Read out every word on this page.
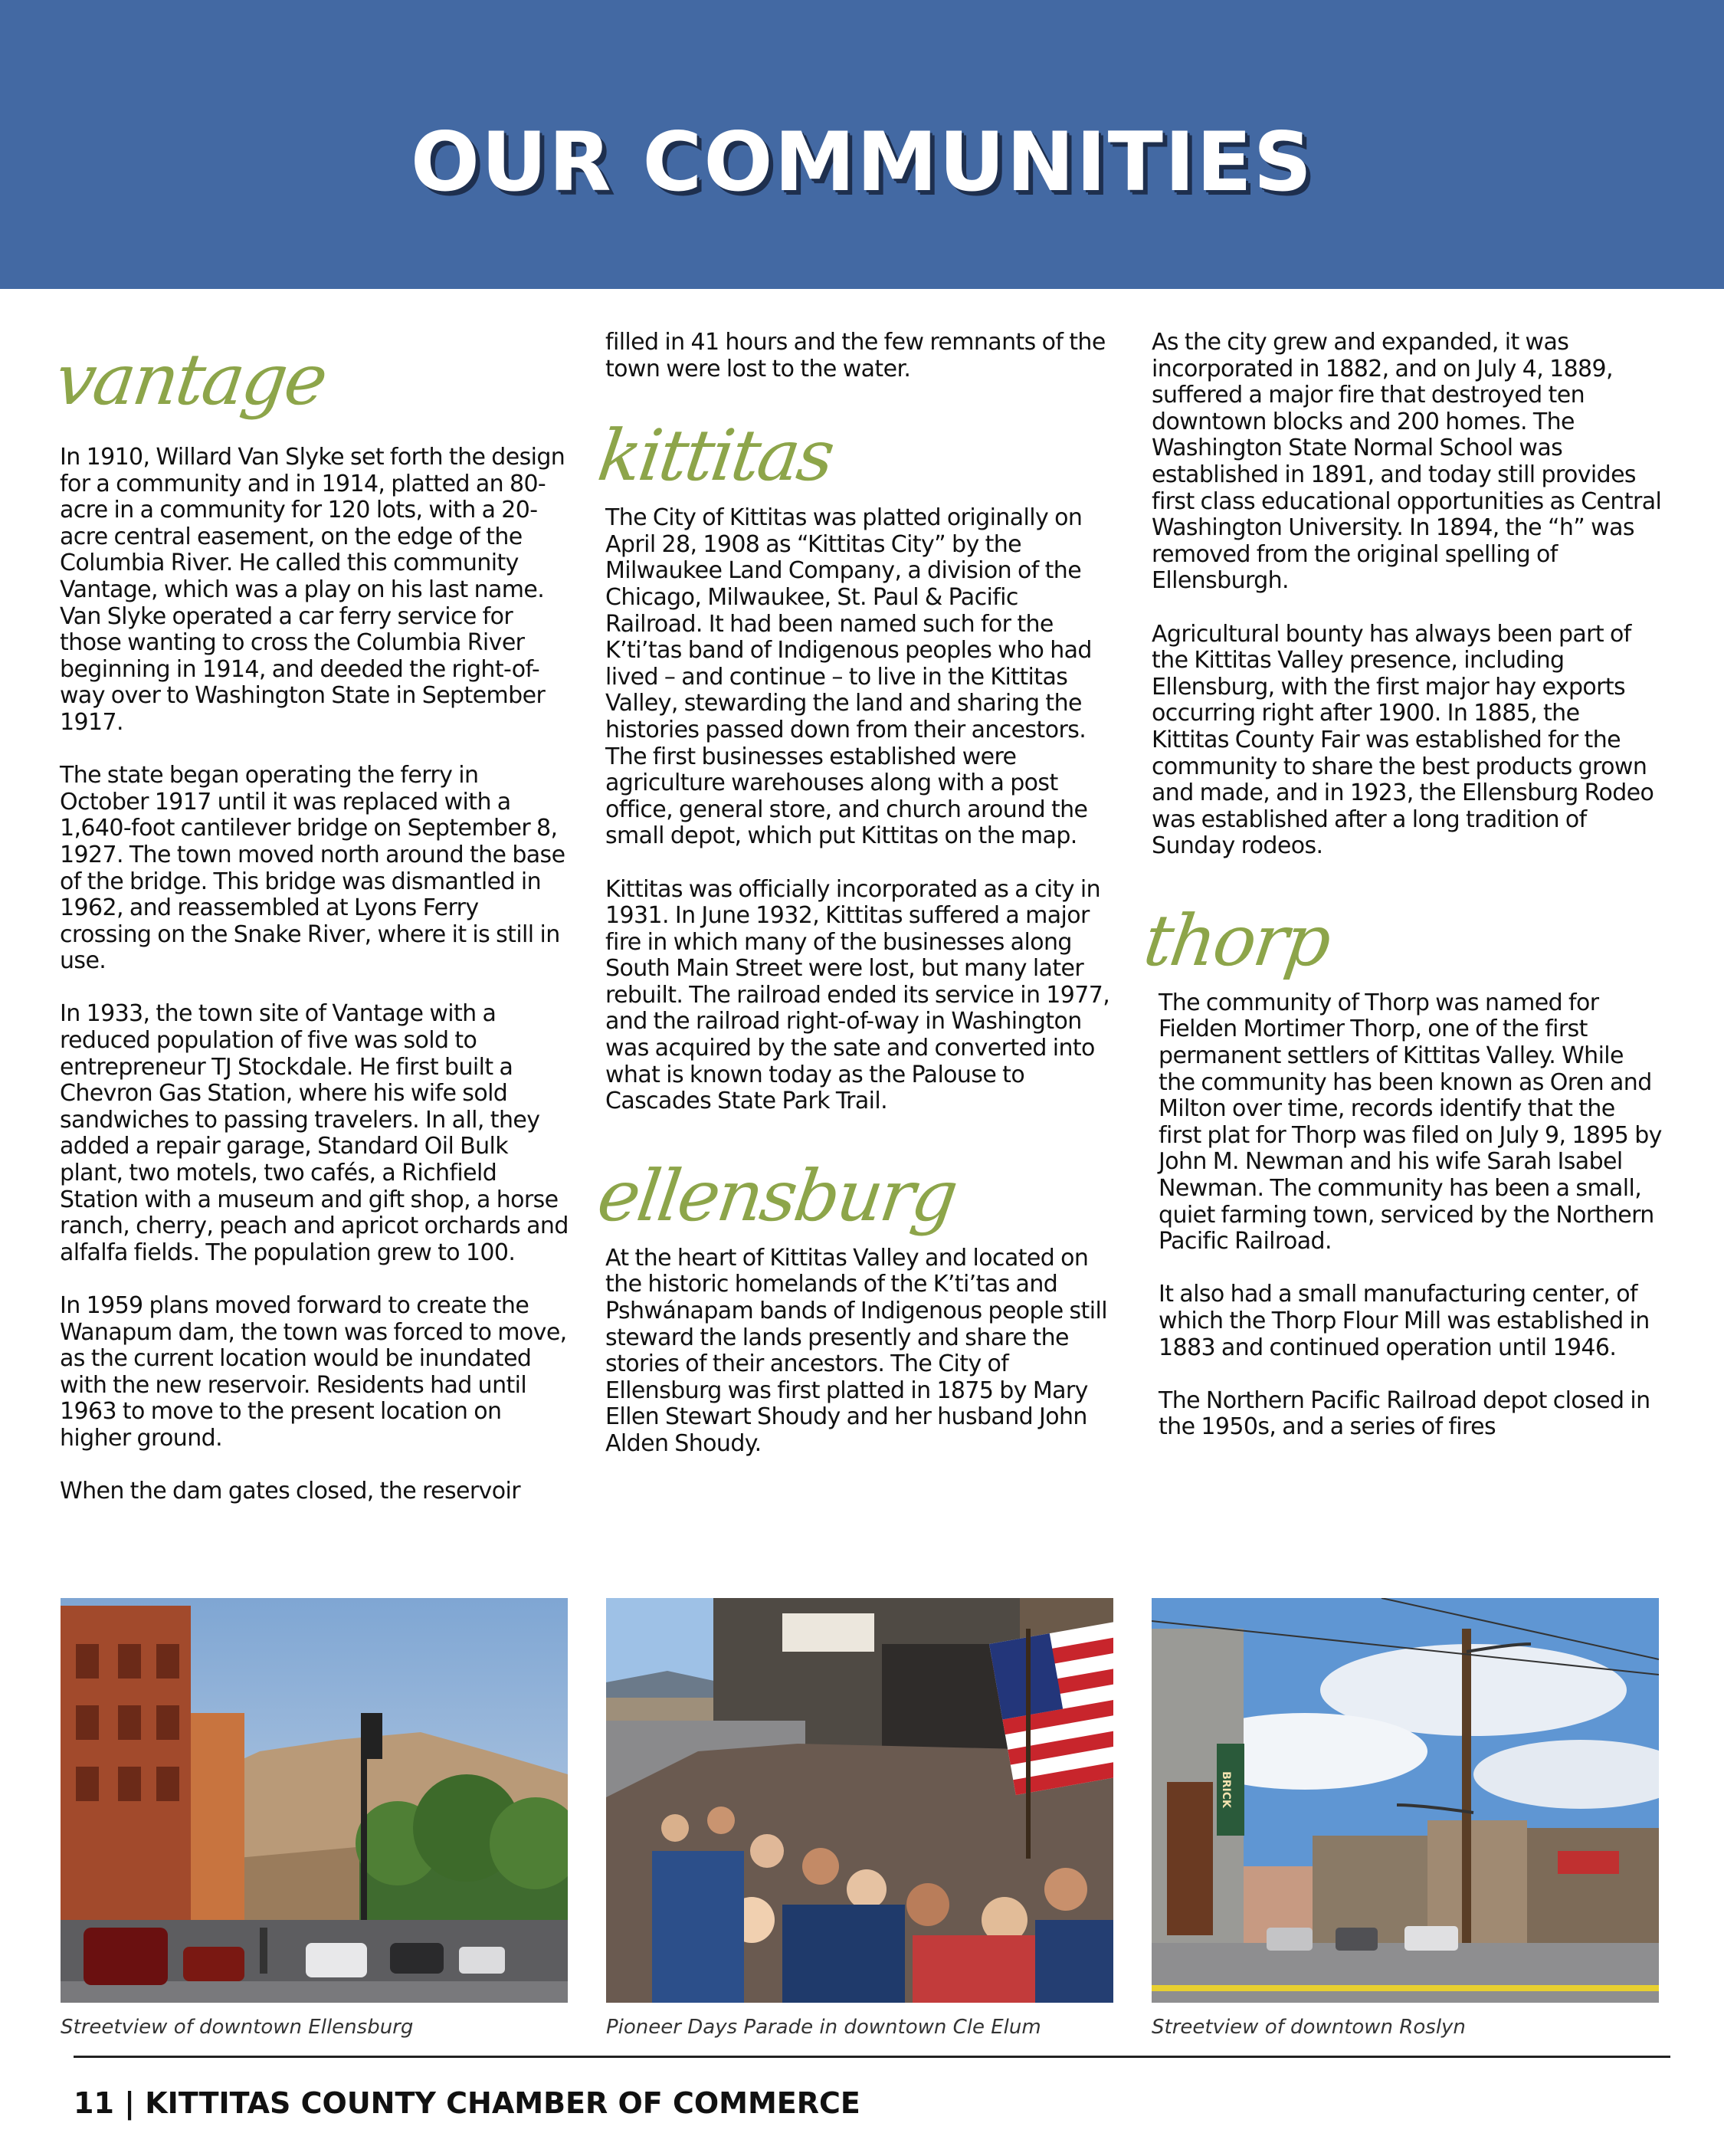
OUR COMMUNITIES
vantage

In 1910, Willard Van Slyke set forth the design for a community and in 1914, platted an 80-acre in a community for 120 lots, with a 20-acre central easement, on the edge of the Columbia River. He called this community Vantage, which was a play on his last name. Van Slyke operated a car ferry service for those wanting to cross the Columbia River beginning in 1914, and deeded the right-of-way over to Washington State in September 1917.

The state began operating the ferry in October 1917 until it was replaced with a 1,640-foot cantilever bridge on September 8, 1927. The town moved north around the base of the bridge. This bridge was dismantled in 1962, and reassembled at Lyons Ferry crossing on the Snake River, where it is still in use.

In 1933, the town site of Vantage with a reduced population of five was sold to entrepreneur TJ Stockdale. He first built a Chevron Gas Station, where his wife sold sandwiches to passing travelers. In all, they added a repair garage, Standard Oil Bulk plant, two motels, two cafés, a Richfield Station with a museum and gift shop, a horse ranch, cherry, peach and apricot orchards and alfalfa fields. The population grew to 100.

In 1959 plans moved forward to create the Wanapum dam, the town was forced to move, as the current location would be inundated with the new reservoir. Residents had until 1963 to move to the present location on higher ground.

When the dam gates closed, the reservoir

filled in 41 hours and the few remnants of the town were lost to the water.

kittitas

The City of Kittitas was platted originally on April 28, 1908 as “Kittitas City” by the Milwaukee Land Company, a division of the Chicago, Milwaukee, St. Paul & Pacific Railroad. It had been named such for the K’ti’tas band of Indigenous peoples who had lived – and continue – to live in the Kittitas Valley, stewarding the land and sharing the histories passed down from their ancestors. The first businesses established were agriculture warehouses along with a post office, general store, and church around the small depot, which put Kittitas on the map.

Kittitas was officially incorporated as a city in 1931. In June 1932, Kittitas suffered a major fire in which many of the businesses along South Main Street were lost, but many later rebuilt. The railroad ended its service in 1977, and the railroad right-of-way in Washington was acquired by the sate and converted into what is known today as the Palouse to Cascades State Park Trail.

ellensburg

At the heart of Kittitas Valley and located on the historic homelands of the K’ti’tas and Pshwánapam bands of Indigenous people still steward the lands presently and share the stories of their ancestors. The City of Ellensburg was first platted in 1875 by Mary Ellen Stewart Shoudy and her husband John Alden Shoudy.

As the city grew and expanded, it was incorporated in 1882, and on July 4, 1889, suffered a major fire that destroyed ten downtown blocks and 200 homes. The Washington State Normal School was established in 1891, and today still provides first class educational opportunities as Central Washington University. In 1894, the “h” was removed from the original spelling of Ellensburgh.

Agricultural bounty has always been part of the Kittitas Valley presence, including Ellensburg, with the first major hay exports occurring right after 1900. In 1885, the Kittitas County Fair was established for the community to share the best products grown and made, and in 1923, the Ellensburg Rodeo was established after a long tradition of Sunday rodeos.

thorp

The community of Thorp was named for Fielden Mortimer Thorp, one of the first permanent settlers of Kittitas Valley. While the community has been known as Oren and Milton over time, records identify that the first plat for Thorp was filed on July 9, 1895 by John M. Newman and his wife Sarah Isabel Newman. The community has been a small, quiet farming town, serviced by the Northern Pacific Railroad.

It also had a small manufacturing center, of which the Thorp Flour Mill was established in 1883 and continued operation until 1946.

The Northern Pacific Railroad depot closed in the 1950s, and a series of fires

BRICK
Streetview of downtown Ellensburg	Pioneer Days Parade in downtown Cle Elum	Streetview of downtown Roslyn
11 | KITTITAS COUNTY CHAMBER OF COMMERCE
